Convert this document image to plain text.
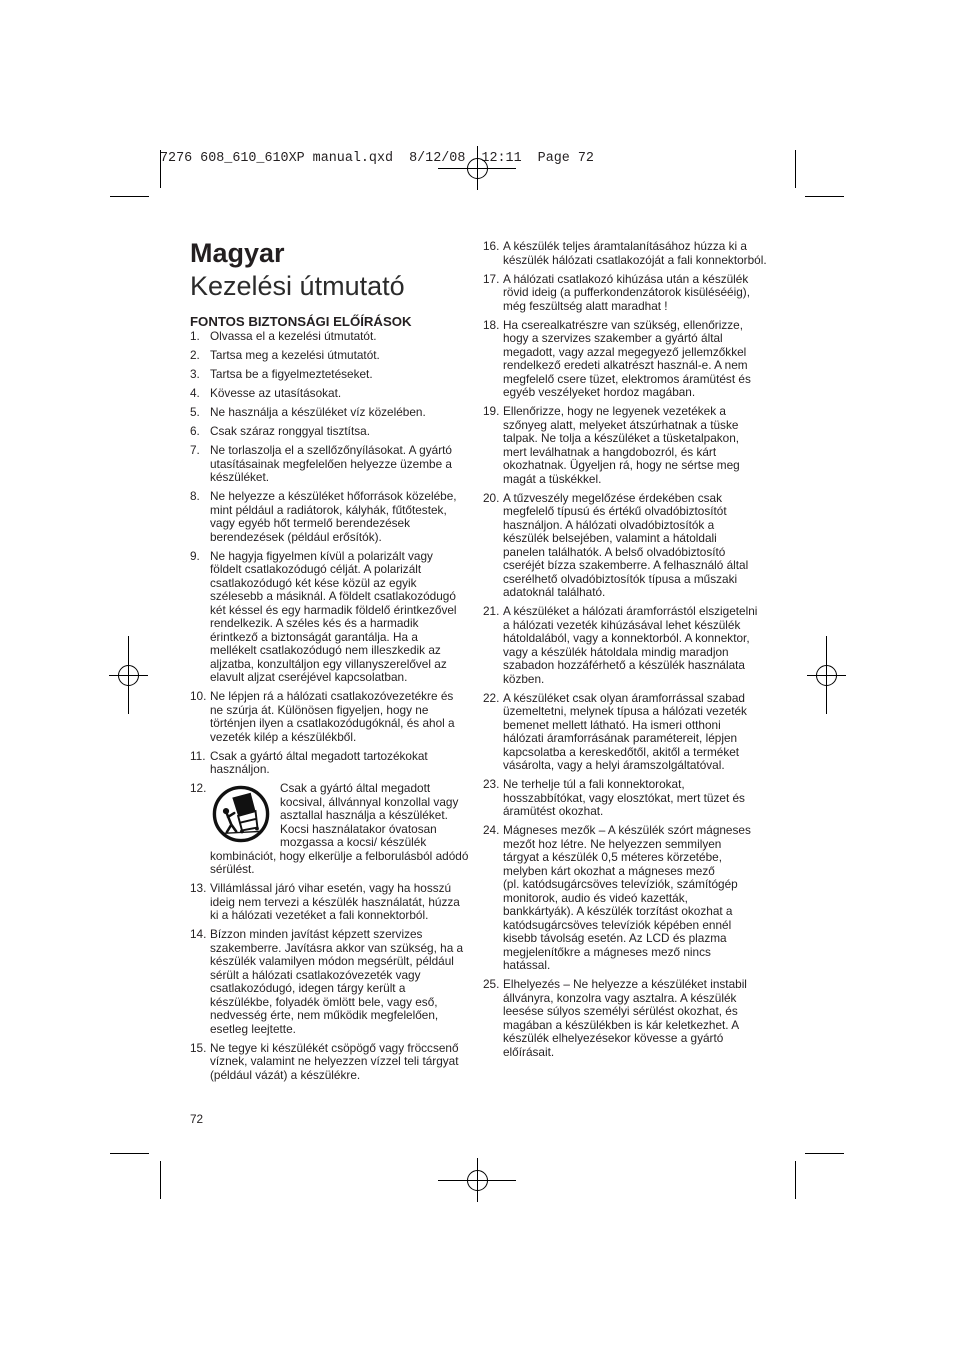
7276 608_610_610XP manual.qxd  8/12/08  12:11  Page 72
Magyar
Kezelési útmutató
FONTOS BIZTONSÁGI ELŐÍRÁSOK
1. Olvassa el a kezelési útmutatót.
2. Tartsa meg a kezelési útmutatót.
3. Tartsa be a figyelmeztetéseket.
4. Kövesse az utasításokat.
5. Ne használja a készüléket víz közelében.
6. Csak száraz ronggyal tisztítsa.
7. Ne torlaszolja el a szellőzőnyílásokat. A gyártó
utasításainak megfelelően helyezze üzembe a
készüléket.
8. Ne helyezze a készüléket hőforrások közelébe,
mint például a radiátorok, kályhák, fűtőtestek,
vagy egyéb hőt termelő berendezések
berendezések (például erősítók).
9. Ne hagyja figyelmen kívül a polarizált vagy
földelt csatlakozódugó célját. A polarizált
csatlakozódugó két kése közül az egyik
szélesebb a másiknál. A földelt csatlakozódugó
két késsel és egy harmadik földelő érintkezővel
rendelkezik. A széles kés és a harmadik
érintkező a biztonságát garantálja. Ha a
mellékelt csatlakozódugó nem illeszkedik az
aljzatba, konzultáljon egy villanyszerelővel az
elavult aljzat cseréjével kapcsolatban.
10. Ne lépjen rá a hálózati csatlakozóvezetékre és
ne szúrja át. Különösen figyeljen, hogy ne
történjen ilyen a csatlakozódugóknál, és ahol a
vezeték kilép a készülékből.
11. Csak a gyártó által megadott tartozékokat
használjon.
12.	Csak a gyártó által megadott
kocsival, állvánnyal konzollal vagy
asztallal használja a készüléket.
Kocsi használatakor óvatosan
mozgassa a kocsi/ készülék
kombinációt, hogy elkerülje a felborulásból adódó
sérülést.
13. Villámlással járó vihar esetén, vagy ha hosszú
ideig nem tervezi a készülék használatát, húzza
ki a hálózati vezetéket a fali konnektorból.
14. Bízzon minden javítást képzett szervizes
szakemberre. Javításra akkor van szükség, ha a
készülék valamilyen módon megsérült, például
sérült a hálózati csatlakozóvezeték vagy
csatlakozódugó, idegen tárgy került a
készülékbe, folyadék ömlött bele, vagy eső,
nedvesség érte, nem működik megfelelően,
esetleg leejtette.
15. Ne tegye ki készülékét csöpögő vagy fröccsenő
víznek, valamint ne helyezzen vízzel teli tárgyat
(például vázát) a készülékre.
16. A készülék teljes áramtalanításához húzza ki a
készülék hálózati csatlakozóját a fali konnektorból.
17. A hálózati csatlakozó kihúzása után a készülék
rövid ideig (a pufferkondenzátorok kisülésééig),
még feszültség alatt maradhat !
18. Ha cserealkatrészre van szükség, ellenőrizze,
hogy a szervizes szakember a gyártó által
megadott, vagy azzal megegyező jellemzőkkel
rendelkező eredeti alkatrészt használ-e. A nem
megfelelő csere tüzet, elektromos áramütést és
egyéb veszélyeket hordoz magában.
19. Ellenőrizze, hogy ne legyenek vezetékek a
szőnyeg alatt, melyeket átszúrhatnak a tüske
talpak. Ne tolja a készüléket a tüsketalpakon,
mert leválhatnak a hangdobozról, és kárt
okozhatnak. Ügyeljen rá, hogy ne sértse meg
magát a tüskékkel.
20. A tűzveszély megelőzése érdekében csak
megfelelő típusú és értékű olvadóbiztosítót
használjon. A hálózati olvadóbiztosítók a
készülék belsejében, valamint a hátoldali
panelen találhatók. A belső olvadóbiztosító
cseréjét bízza szakemberre. A felhasználó által
cserélhető olvadóbiztosítók típusa a műszaki
adatoknál található.
21. A készüléket a hálózati áramforrástól elszigetelni
a hálózati vezeték kihúzásával lehet készülék
hátoldalából, vagy a konnektorból. A konnektor,
vagy a készülék hátoldala mindig maradjon
szabadon hozzáférhető a készülék használata
közben.
22. A készüléket csak olyan áramforrással szabad
üzemeltetni, melynek típusa a hálózati vezeték
bemenet mellett látható. Ha ismeri otthoni
hálózati áramforrásának paramétereit, lépjen
kapcsolatba a kereskedőtől, akitől a terméket
vásárolta, vagy a helyi áramszolgáltatóval.
23. Ne terhelje túl a fali konnektorokat,
hosszabbítókat, vagy elosztókat, mert tüzet és
áramütést okozhat.
24. Mágneses mezők – A készülék szórt mágneses
mezőt hoz létre. Ne helyezzen semmilyen
tárgyat a készülék 0,5 méteres körzetébe,
melyben kárt okozhat a mágneses mező
(pl. katódsugárcsöves televíziók, számítógép
monitorok, audio és videó kazetták,
bankkártyák). A készülék torzítást okozhat a
katódsugárcsöves televíziók képében ennél
kisebb távolság esetén. Az LCD és plazma
megjelenítőkre a mágneses mező nincs
hatással.
25. Elhelyezés – Ne helyezze a készüléket instabil
állványra, konzolra vagy asztalra. A készülék
leesése súlyos személyi sérülést okozhat, és
magában a készülékben is kár keletkezhet. A
készülék elhelyezésekor kövesse a gyártó
előírásait.
72
